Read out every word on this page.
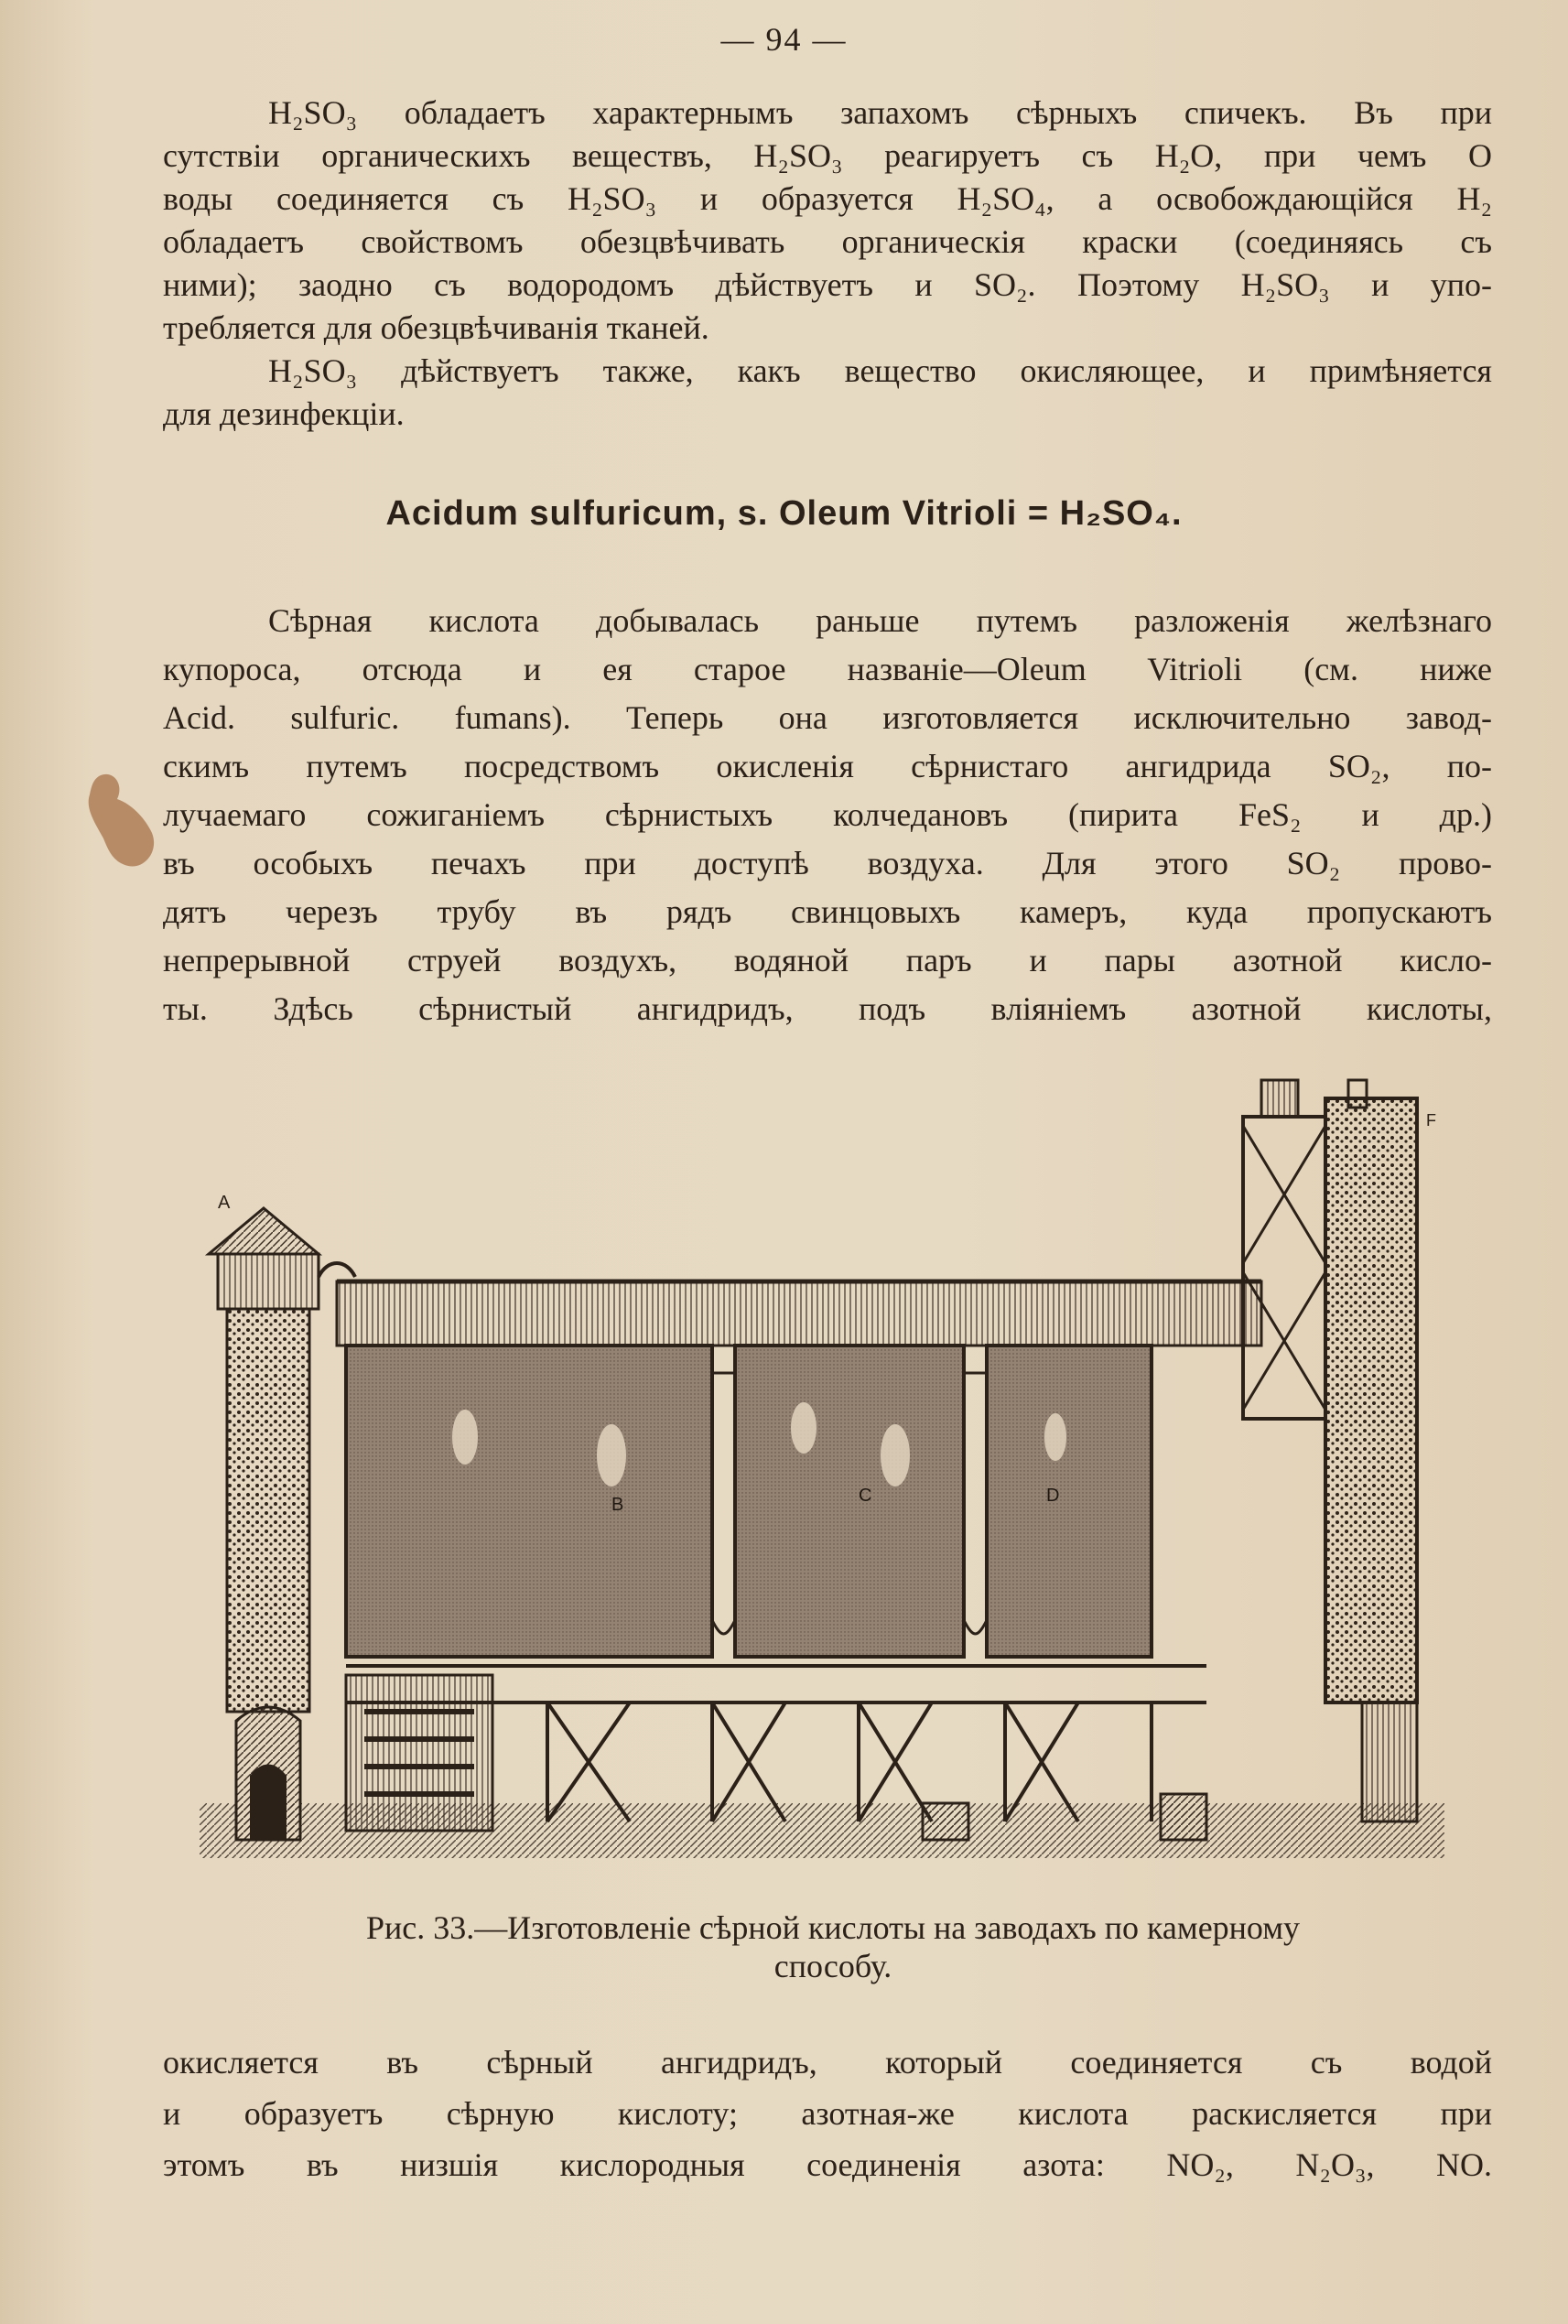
— 94 —
H₂SO₃ обладаетъ характернымъ запахомъ сѣрныхъ спичекъ. Въ при
сутствіи органическихъ веществъ, H₂SO₃ реагируетъ съ H₂O, при чемъ O
воды соединяется съ H₂SO₃ и образуется H₂SO₄, а освобождающійся H₂
обладаетъ свойствомъ обезцвѣчивать органическія краски (соединяясь съ
ними); заодно съ водородомъ дѣйствуетъ и SO₂. Поэтому H₂SO₃ и упо-
требляется для обезцвѣчиванія тканей.
H₂SO₃ дѣйствуетъ также, какъ вещество окисляющее, и примѣняется
для дезинфекціи.
Acidum sulfuricum, s. Oleum Vitrioli = H₂SO₄.
Сѣрная кислота добывалась раньше путемъ разложенія желѣзнаго
купороса, отсюда и ея старое названіе—Oleum Vitrioli (см. ниже
Acid. sulfuric. fumans). Теперь она изготовляется исключительно завод-
скимъ путемъ посредствомъ окисленія сѣрнистаго ангидрида SO₂, по-
лучаемаго сожиганіемъ сѣрнистыхъ колчедановъ (пирита FeS₂ и др.)
въ особыхъ печахъ при доступѣ воздуха. Для этого SO₂ прово-
дятъ черезъ трубу въ рядъ свинцовыхъ камеръ, куда пропускаютъ
непрерывной струей воздухъ, водяной паръ и пары азотной кисло-
ты. Здѣсь сѣрнистый ангидридъ, подъ вліяніемъ азотной кислоты,
A
B	C	D
F
Рис. 33.—Изготовленіе сѣрной кислоты на заводахъ по камерному
способу.
окисляется въ сѣрный ангидридъ, который соединяется съ водой
и образуетъ сѣрную кислоту; азотная-же кислота раскисляется при
этомъ въ низшія кислородныя соединенія азота: NO₂, N₂O₃, NO.
